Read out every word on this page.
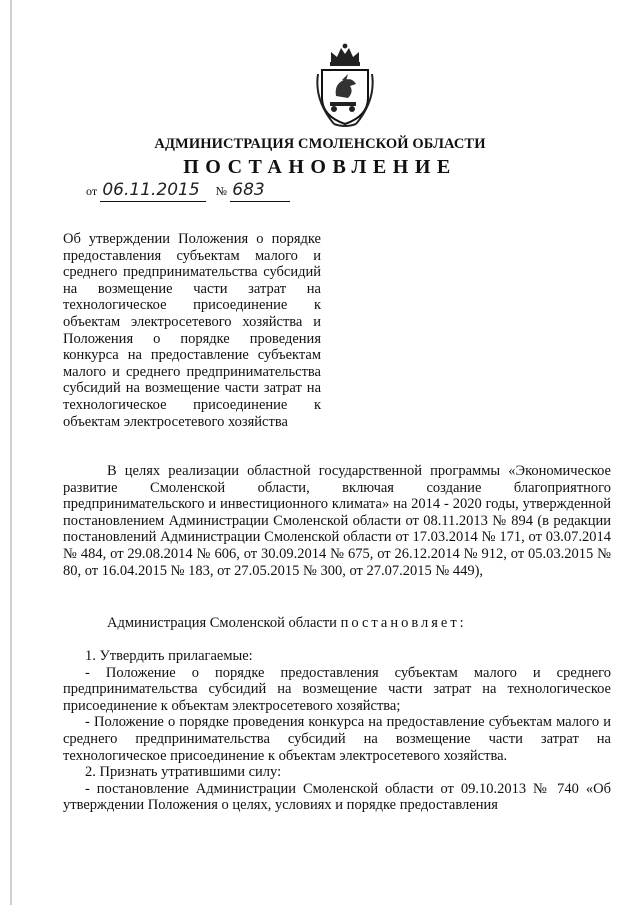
АДМИНИСТРАЦИЯ СМОЛЕНСКОЙ ОБЛАСТИ
ПОСТАНОВЛЕНИЕ
от 06.11.2015 № 683

Об утверждении Положения о порядке предоставления субъектам малого и среднего предпринимательства субсидий на возмещение части затрат на технологическое присоединение к объектам электросетевого хозяйства и Положения о порядке проведения конкурса на предоставление субъектам малого и среднего предпринимательства субсидий на возмещение части затрат на технологическое присоединение к объектам электросетевого хозяйства

В целях реализации областной государственной программы «Экономическое развитие Смоленской области, включая создание благоприятного предпринимательского и инвестиционного климата» на 2014 - 2020 годы, утвержденной постановлением Администрации Смоленской области от 08.11.2013 № 894 (в редакции постановлений Администрации Смоленской области от 17.03.2014 № 171, от 03.07.2014 № 484, от 29.08.2014 № 606, от 30.09.2014 № 675, от 26.12.2014 № 912, от 05.03.2015 № 80, от 16.04.2015 № 183, от 27.05.2015 № 300, от 27.07.2015 № 449),

Администрация Смоленской области постановляет:

1. Утвердить прилагаемые:

- Положение о порядке предоставления субъектам малого и среднего предпринимательства субсидий на возмещение части затрат на технологическое присоединение к объектам электросетевого хозяйства;

- Положение о порядке проведения конкурса на предоставление субъектам малого и среднего предпринимательства субсидий на возмещение части затрат на технологическое присоединение к объектам электросетевого хозяйства.

2. Признать утратившими силу:

- постановление Администрации Смоленской области от 09.10.2013 № 740 «Об утверждении Положения о целях, условиях и порядке предоставления
